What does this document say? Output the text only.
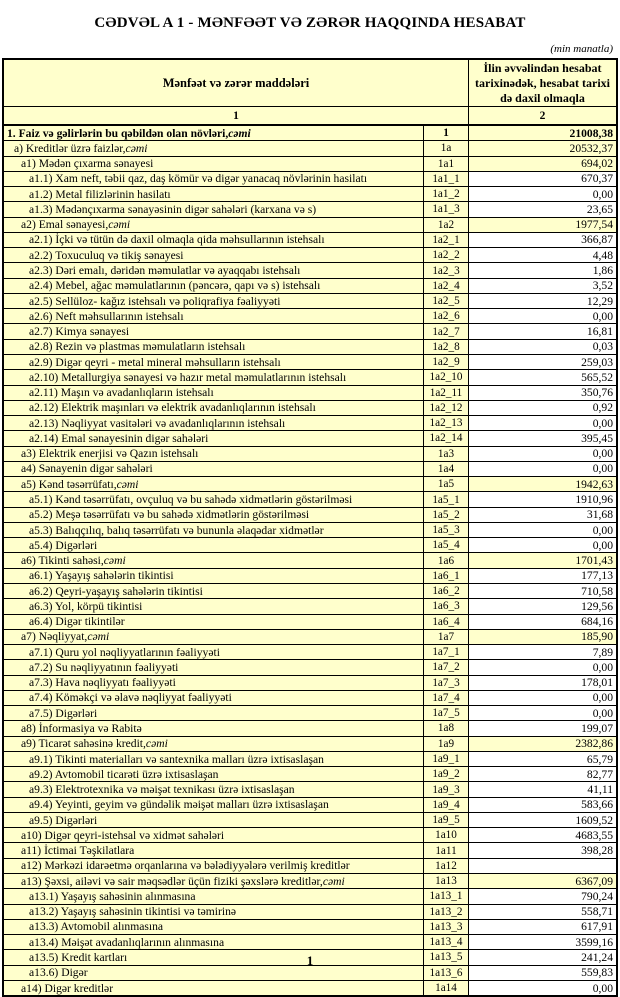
CƏDVƏL A 1 - MƏNFƏƏT VƏ ZƏRƏR HAQQINDA HESABAT
(min manatla)
Mənfəət və zərər maddələri
İlin əvvəlindən hesabat tarixinədək, hesabat tarixi də daxil olmaqla
1	2
1. Faiz və gəlirlərin bu qəbildən olan növləri, cəmi	1	21008,38
a) Kreditlər üzrə faizlər, cəmi	1a	20532,37
a1) Mədən çıxarma sənayesi	1a1	694,02
a1.1) Xam neft, təbii qaz, daş kömür və digər yanacaq növlərinin hasilatı	1a1_1	670,37
a1.2) Metal filizlərinin hasilatı	1a1_2	0,00
a1.3) Mədənçıxarma sənayəsinin digər sahələri (karxana və s)	1a1_3	23,65
a2) Emal sənayesi, cəmi	1a2	1977,54
a2.1) İçki və tütün də daxil olmaqla qida məhsullarının istehsalı	1a2_1	366,87
a2.2) Toxuculuq və tikiş sənayesi	1a2_2	4,48
a2.3) Dəri emalı, dəridən məmulatlar və ayaqqabı istehsalı	1a2_3	1,86
a2.4) Mebel, ağac məmulatlarının (pəncərə, qapı və s) istehsalı	1a2_4	3,52
a2.5) Sellüloz- kağız istehsalı və poliqrafiya fəaliyyəti	1a2_5	12,29
a2.6) Neft məhsullarının istehsalı	1a2_6	0,00
a2.7) Kimya sənayesi	1a2_7	16,81
a2.8) Rezin və plastmas məmulatların istehsalı	1a2_8	0,03
a2.9) Digər qeyri - metal mineral məhsulların istehsalı	1a2_9	259,03
a2.10) Metallurgiya sənayesi və hazır metal məmulatlarının istehsalı	1a2_10	565,52
a2.11) Maşın və avadanlıqların istehsalı	1a2_11	350,76
a2.12) Elektrik maşınları və elektrik avadanlıqlarının istehsalı	1a2_12	0,92
a2.13) Nəqliyyat vasitələri və avadanlıqlarının istehsalı	1a2_13	0,00
a2.14) Emal sənayesinin digər sahələri	1a2_14	395,45
a3) Elektrik enerjisi və Qazın istehsalı	1a3	0,00
a4) Sənayenin digər sahələri	1a4	0,00
a5) Kənd təsərrüfatı, cəmi	1a5	1942,63
a5.1) Kənd təsərrüfatı, ovçuluq və bu sahədə xidmətlərin göstərilməsi	1a5_1	1910,96
a5.2) Meşə təsərrüfatı və bu sahədə xidmətlərin göstərilməsi	1a5_2	31,68
a5.3) Balıqçılıq, balıq təsərrüfatı və bununla əlaqədar xidmətlər	1a5_3	0,00
a5.4) Digərləri	1a5_4	0,00
a6) Tikinti sahəsi, cəmi	1a6	1701,43
a6.1) Yaşayış sahələrin tikintisi	1a6_1	177,13
a6.2) Qeyri-yaşayış sahələrin tikintisi	1a6_2	710,58
a6.3) Yol, körpü tikintisi	1a6_3	129,56
a6.4) Digər tikintilər	1a6_4	684,16
a7) Nəqliyyat, cəmi	1a7	185,90
a7.1) Quru yol nəqliyyatlarının fəaliyyəti	1a7_1	7,89
a7.2) Su nəqliyyatının fəaliyyəti	1a7_2	0,00
a7.3) Hava nəqliyyatı fəaliyyəti	1a7_3	178,01
a7.4) Köməkçi və əlavə nəqliyyat fəaliyyəti	1a7_4	0,00
a7.5) Digərləri	1a7_5	0,00
a8) İnformasiya və Rabitə	1a8	199,07
a9) Ticarət sahəsinə kredit, cəmi	1a9	2382,86
a9.1) Tikinti materialları və santexnika malları üzrə ixtisaslaşan	1a9_1	65,79
a9.2) Avtomobil ticarəti üzrə ixtisaslaşan	1a9_2	82,77
a9.3) Elektrotexnika və məişət texnikası üzrə ixtisaslaşan	1a9_3	41,11
a9.4) Yeyinti, geyim və gündəlik məişət malları üzrə ixtisaslaşan	1a9_4	583,66
a9.5) Digərləri	1a9_5	1609,52
a10) Digər qeyri-istehsal və xidmət sahələri	1a10	4683,55
a11) İctimai Təşkilatlara	1a11	398,28
a12) Mərkəzi idarəetmə orqanlarına və bələdiyyələrə verilmiş kreditlər	1a12
a13) Şəxsi, ailəvi və sair məqsədlər üçün fiziki şəxslərə kreditlər, cəmi	1a13	6367,09
a13.1) Yaşayış sahəsinin alınmasına	1a13_1	790,24
a13.2) Yaşayış sahəsinin tikintisi və təmirinə	1a13_2	558,71
a13.3) Avtomobil alınmasına	1a13_3	617,91
a13.4) Məişət avadanlıqlarının alınmasına	1a13_4	3599,16
a13.5) Kredit kartları	1a13_5	241,24
a13.6) Digər	1a13_6	559,83
a14) Digər kreditlər	1a14	0,00
1
